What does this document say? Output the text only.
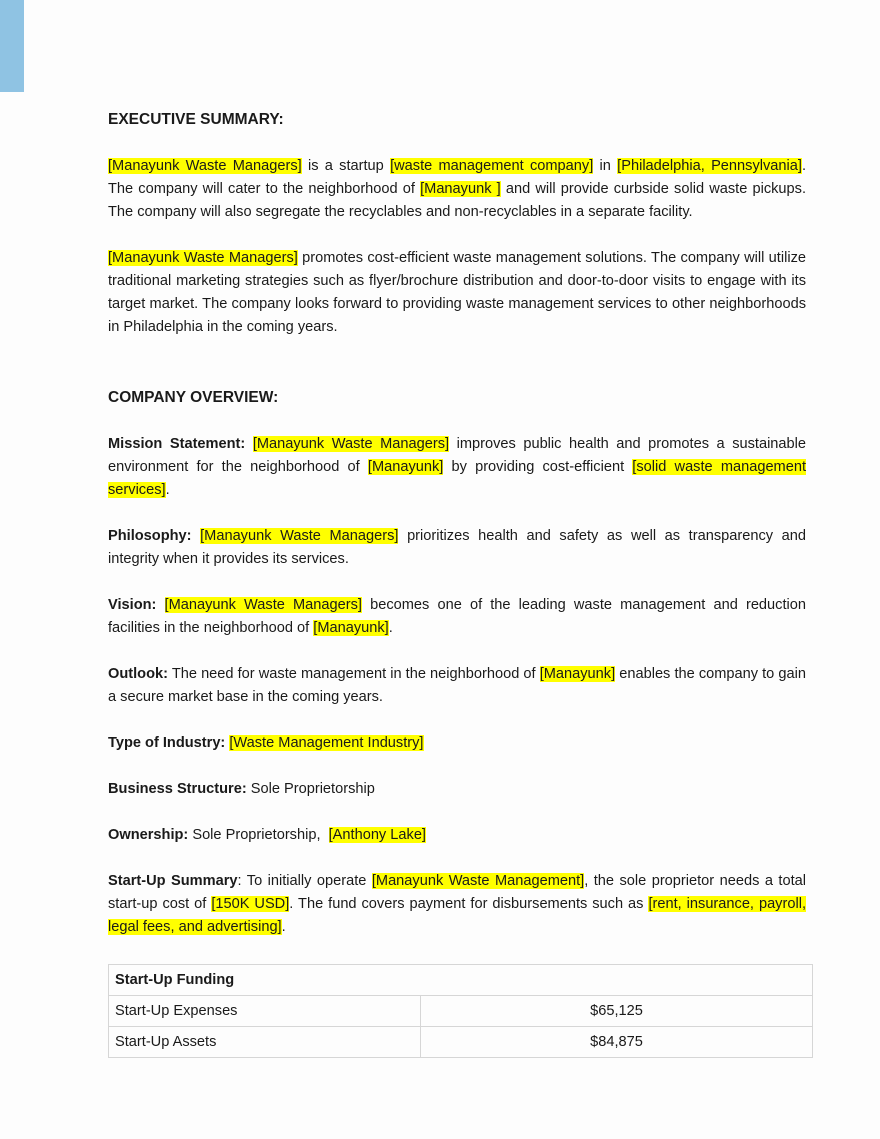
EXECUTIVE SUMMARY:

[Manayunk Waste Managers] is a startup [waste management company] in [Philadelphia, Pennsylvania]. The company will cater to the neighborhood of [Manayunk ] and will provide curbside solid waste pickups. The company will also segregate the recyclables and non-recyclables in a separate facility.

[Manayunk Waste Managers] promotes cost-efficient waste management solutions. The company will utilize traditional marketing strategies such as flyer/brochure distribution and door-to-door visits to engage with its target market. The company looks forward to providing waste management services to other neighborhoods in Philadelphia in the coming years.

COMPANY OVERVIEW:

Mission Statement: [Manayunk Waste Managers] improves public health and promotes a sustainable environment for the neighborhood of [Manayunk] by providing cost-efficient [solid waste management services].

Philosophy: [Manayunk Waste Managers] prioritizes health and safety as well as transparency and integrity when it provides its services.

Vision: [Manayunk Waste Managers] becomes one of the leading waste management and reduction facilities in the neighborhood of [Manayunk].

Outlook: The need for waste management in the neighborhood of [Manayunk] enables the company to gain a secure market base in the coming years.

Type of Industry: [Waste Management Industry]

Business Structure: Sole Proprietorship

Ownership: Sole Proprietorship,  [Anthony Lake]

Start-Up Summary: To initially operate [Manayunk Waste Management], the sole proprietor needs a total start-up cost of [150K USD]. The fund covers payment for disbursements such as [rent, insurance, payroll, legal fees, and advertising].

Start-Up Funding	
Start-Up Expenses	$65,125
Start-Up Assets	$84,875
